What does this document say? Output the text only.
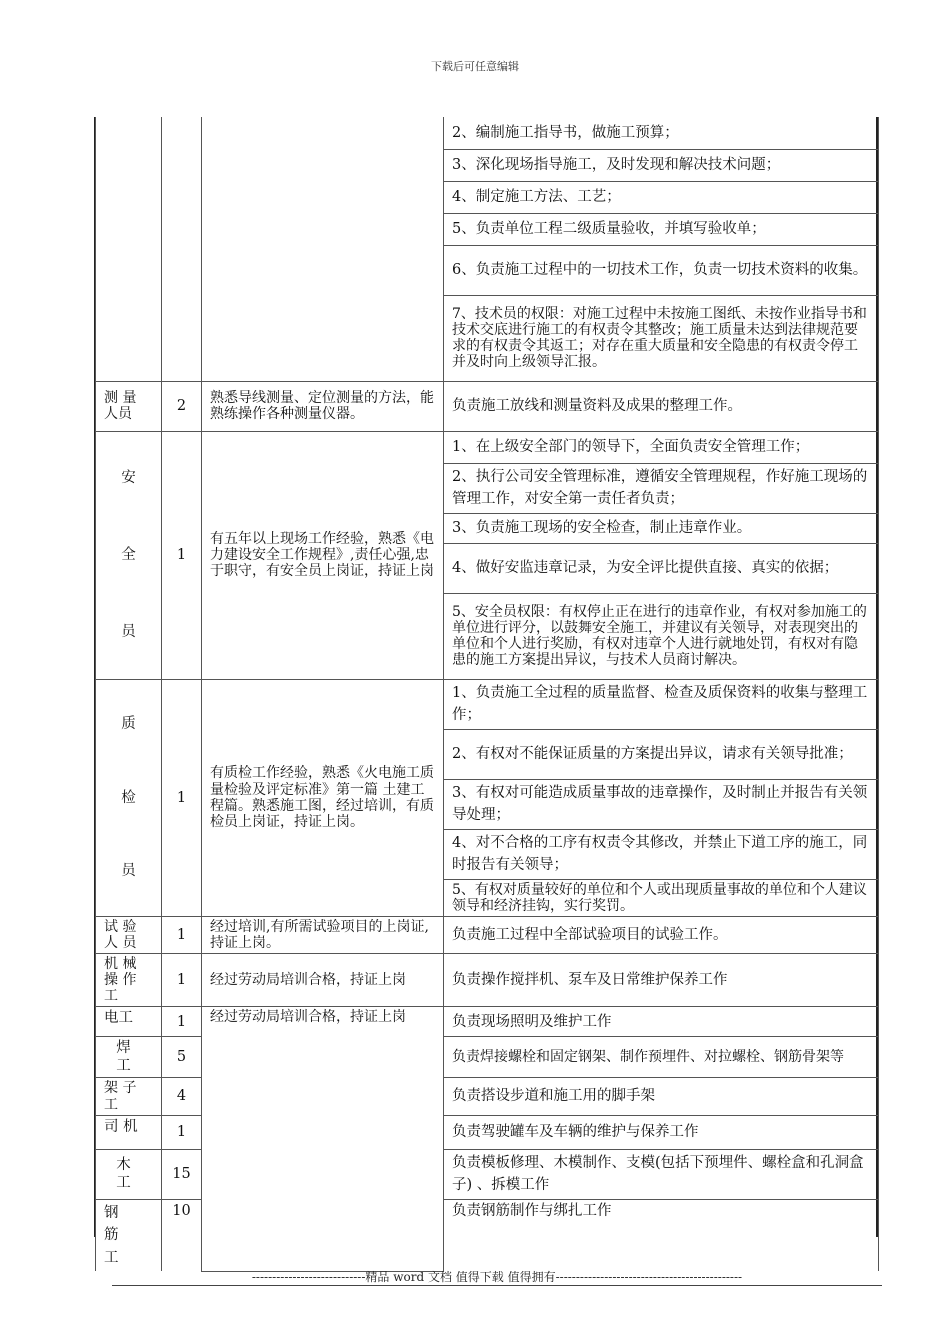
下载后可任意编辑
			2、编制施工指导书，做施工预算；
			3、深化现场指导施工，及时发现和解决技术问题；
			4、制定施工方法、工艺；
			5、负责单位工程二级质量验收，并填写验收单；
			6、负责施工过程中的一切技术工作，负责一切技术资料的收集。
			7、技术员的权限：对施工过程中未按施工图纸、未按作业指导书和技术交底进行施工的有权责令其整改；施工质量未达到法律规范要求的有权责令其返工；对存在重大质量和安全隐患的有权责令停工并及时向上级领导汇报。
测 量 人员	2	熟悉导线测量、定位测量的方法，能熟练操作各种测量仪器。	负责施工放线和测量资料及成果的整理工作。

安
全
员	1	有五年以上现场工作经验，熟悉《电力建设安全工作规程》,责任心强,忠于职守，有安全员上岗证，持证上岗	1、在上级安全部门的领导下，全面负责安全管理工作；
			2、执行公司安全管理标准，遵循安全管理规程，作好施工现场的管理工作，对安全第一责任者负责；
			3、负责施工现场的安全检查，制止违章作业。
			4、做好安监违章记录，为安全评比提供直接、真实的依据；
			5、安全员权限：有权停止正在进行的违章作业，有权对参加施工的单位进行评分，以鼓舞安全施工，并建议有关领导，对表现突出的单位和个人进行奖励，有权对违章个人进行就地处罚，有权对有隐患的施工方案提出异议，与技术人员商讨解决。

质
检
员	1	有质检工作经验，熟悉《火电施工质量检验及评定标准》第一篇 土建工程篇。熟悉施工图，经过培训，有质检员上岗证，持证上岗。	1、负责施工全过程的质量监督、检查及质保资料的收集与整理工作；
			2、有权对不能保证质量的方案提出异议，请求有关领导批准；
			3、有权对可能造成质量事故的违章操作，及时制止并报告有关领导处理；
			4、对不合格的工序有权责令其修改，并禁止下道工序的施工，同时报告有关领导；
			5、有权对质量较好的单位和个人或出现质量事故的单位和个人建议领导和经济挂钩，实行奖罚。
试 验 人 员	1	经过培训,有所需试验项目的上岗证,持证上岗。	负责施工过程中全部试验项目的试验工作。
机 械 操 作 工	1	经过劳动局培训合格，持证上岗	负责操作搅拌机、泵车及日常维护保养工作
电工	1	经过劳动局培训合格，持证上岗	负责现场照明及维护工作
焊 工	5		负责焊接螺栓和固定钢架、制作预埋件、对拉螺栓、钢筋骨架等
架 子 工	4		负责搭设步道和施工用的脚手架
司 机	1		负责驾驶罐车及车辆的维护与保养工作
木 工	15		负责模板修理、木模制作、支模(包括下预埋件、螺栓盒和孔洞盒子) 、拆模工作
钢 筋 工	10		负责钢筋制作与绑扎工作
----------------------------精品 word 文档 值得下载 值得拥有----------------------------------------------
